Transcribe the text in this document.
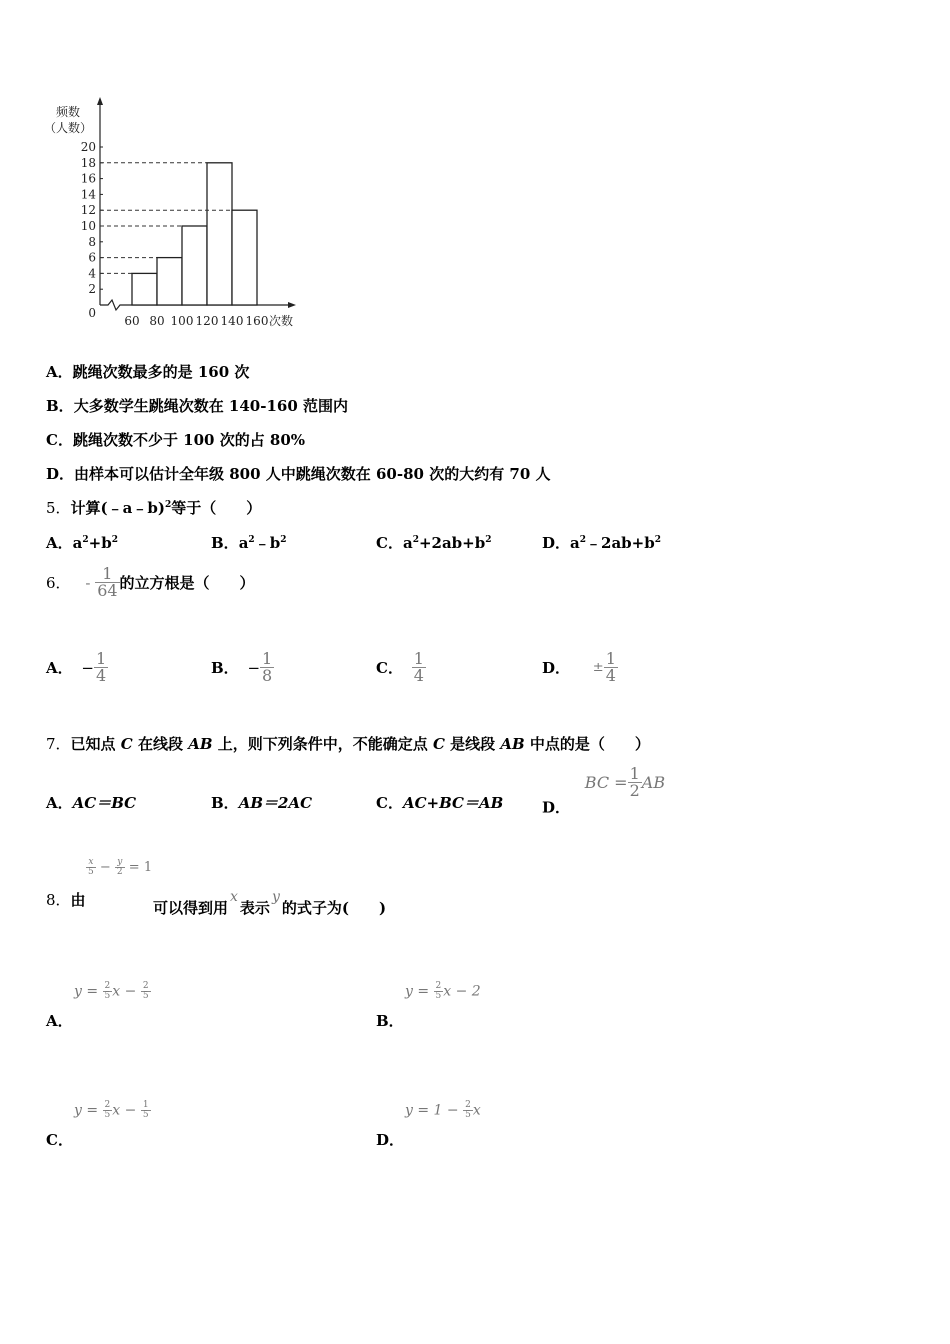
频数
（人数）
0
2
4
6
8
10
12
14
16
18
20
60 80 100 120 140 160 次数
A．跳绳次数最多的是 160 次
B．大多数学生跳绳次数在 140-160 范围内
C．跳绳次数不少于 100 次的占 80%
D．由样本可以估计全年级 800 人中跳绳次数在 60-80 次的大约有 70 人
5．计算(﹣a﹣b)$^2$等于（　　）
A．$a^2+b^2$	B．$a^2﹣b^2$	C．$a^2+2ab+b^2$	D．$a^2﹣2ab+b^2$
6． - $\frac{1}{64}$ 的立方根是（　　）
A． − $\frac{1}{4}$	B． − $\frac{1}{8}$	C． $\frac{1}{4}$	D． ± $\frac{1}{4}$
7．已知点 C 在线段 AB 上，则下列条件中，不能确定点 C 是线段 AB 中点的是（　　）
A．AC＝BC	B．AB＝2AC	C．AC+BC＝AB	D． BC = $\frac{1}{2}$ AB
$\frac{x}{5} - \frac{y}{2} = 1$
8．由	可以得到用x表示y的式子为(　　)
$y = \frac{2}{5}$ $x - \frac{2}{5}$
A．
$y = \frac{2}{5}$ x − 2
B．
$y = \frac{2}{5}$ $x - \frac{1}{5}$
C．
$y = 1 - \frac{2}{5}$ x
D．
